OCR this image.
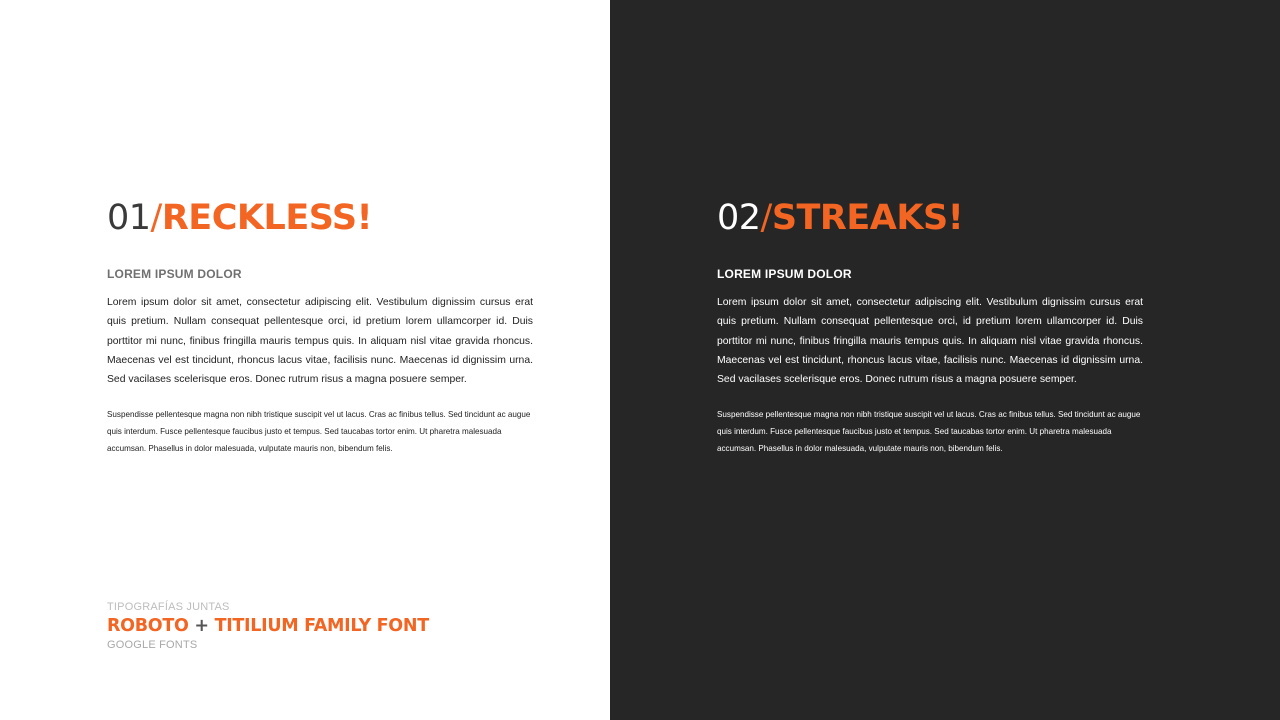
01/RECKLESS!
LOREM IPSUM DOLOR

Lorem ipsum dolor sit amet, consectetur adipiscing elit. Vestibulum dignissim cursus erat quis pretium. Nullam consequat pellentesque orci, id pretium lorem ullamcorper id. Duis porttitor mi nunc, finibus fringilla mauris tempus quis. In aliquam nisl vitae gravida rhoncus. Maecenas vel est tincidunt, rhoncus lacus vitae, facilisis nunc. Maecenas id dignissim urna. Sed vacilases scelerisque eros. Donec rutrum risus a magna posuere semper.

Suspendisse pellentesque magna non nibh tristique suscipit vel ut lacus. Cras ac finibus tellus. Sed tincidunt ac augue quis interdum. Fusce pellentesque faucibus justo et tempus. Sed taucabas tortor enim. Ut pharetra malesuada accumsan. Phasellus in dolor malesuada, vulputate mauris non, bibendum felis.

TIPOGRAFÍAS JUNTAS
ROBOTO + TITILIUM FAMILY FONT
GOOGLE FONTS
02/STREAKS!
LOREM IPSUM DOLOR

Lorem ipsum dolor sit amet, consectetur adipiscing elit. Vestibulum dignissim cursus erat quis pretium. Nullam consequat pellentesque orci, id pretium lorem ullamcorper id. Duis porttitor mi nunc, finibus fringilla mauris tempus quis. In aliquam nisl vitae gravida rhoncus. Maecenas vel est tincidunt, rhoncus lacus vitae, facilisis nunc. Maecenas id dignissim urna. Sed vacilases scelerisque eros. Donec rutrum risus a magna posuere semper.

Suspendisse pellentesque magna non nibh tristique suscipit vel ut lacus. Cras ac finibus tellus. Sed tincidunt ac augue quis interdum. Fusce pellentesque faucibus justo et tempus. Sed taucabas tortor enim. Ut pharetra malesuada accumsan. Phasellus in dolor malesuada, vulputate mauris non, bibendum felis.
